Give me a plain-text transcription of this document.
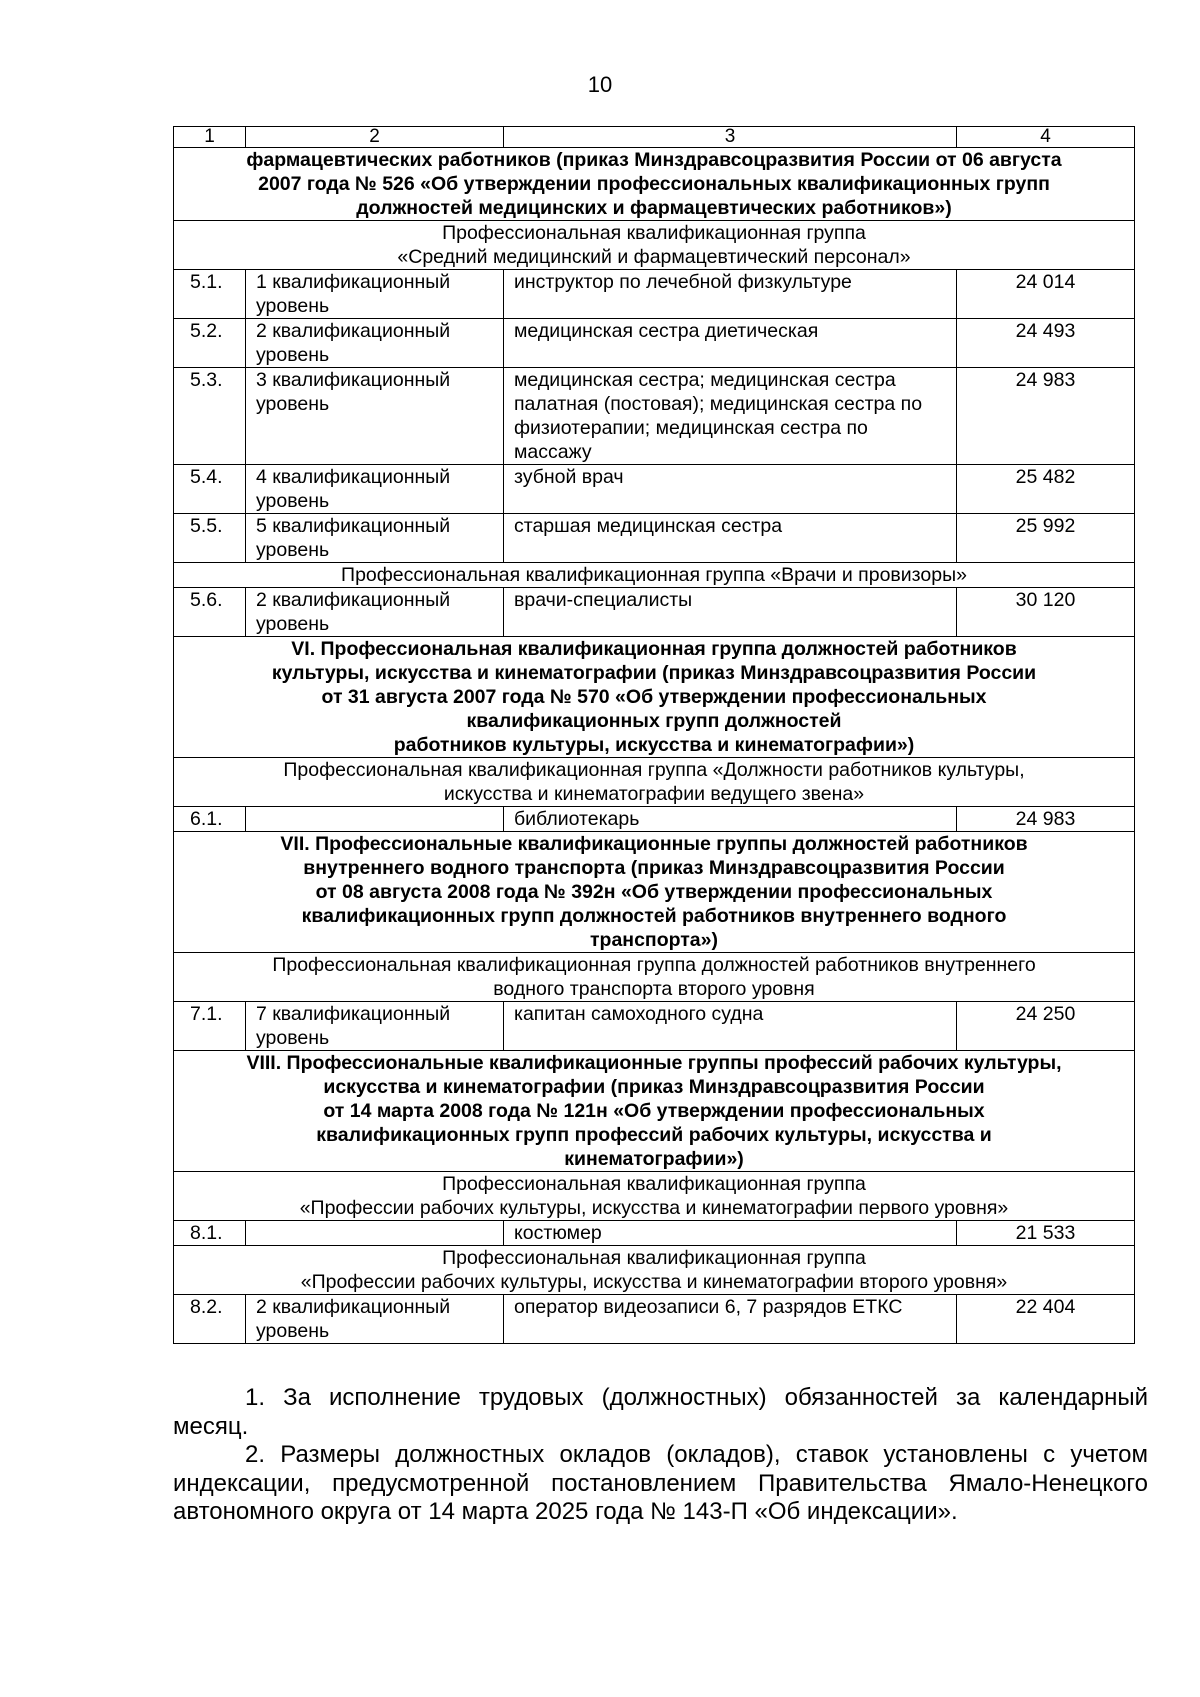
10
1	2	3	4

фармацевтических работников (приказ Минздравсоцразвития России от 06 августа
2007 года № 526 «Об утверждении профессиональных квалификационных групп
должностей медицинских и фармацевтических работников»)			

Профессиональная квалификационная группа
«Средний медицинский и фармацевтический персонал»			

5.1.	1 квалификационный уровень	инструктор по лечебной физкультуре	24 014
5.2.	2 квалификационный уровень	медицинская сестра диетическая	24 493
5.3.	3 квалификационный уровень	медицинская сестра; медицинская сестра палатная (постовая); медицинская сестра по физиотерапии; медицинская сестра по массажу	24 983
5.4.	4 квалификационный уровень	зубной врач	25 482
5.5.	5 квалификационный уровень	старшая медицинская сестра	25 992

Профессиональная квалификационная группа «Врачи и провизоры»			

5.6.	2 квалификационный уровень	врачи-специалисты	30 120

VI. Профессиональная квалификационная группа должностей работников
культуры, искусства и кинематографии (приказ Минздравсоцразвития России
от 31 августа 2007 года № 570 «Об утверждении профессиональных
квалификационных групп должностей
работников культуры, искусства и кинематографии»)			

Профессиональная квалификационная группа «Должности работников культуры,
искусства и кинематографии ведущего звена»			

6.1.		библиотекарь	24 983

VII. Профессиональные квалификационные группы должностей работников
внутреннего водного транспорта (приказ Минздравсоцразвития России
от 08 августа 2008 года № 392н «Об утверждении профессиональных
квалификационных групп должностей работников внутреннего водного
транспорта»)			

Профессиональная квалификационная группа должностей работников внутреннего
водного транспорта второго уровня			

7.1.	7 квалификационный уровень	капитан самоходного судна	24 250

VIII. Профессиональные квалификационные группы профессий рабочих культуры,
искусства и кинематографии (приказ Минздравсоцразвития России
от 14 марта 2008 года № 121н «Об утверждении профессиональных
квалификационных групп профессий рабочих культуры, искусства и
кинематографии»)			

Профессиональная квалификационная группа
«Профессии рабочих культуры, искусства и кинематографии первого уровня»			

8.1.		костюмер	21 533

Профессиональная квалификационная группа
«Профессии рабочих культуры, искусства и кинематографии второго уровня»			

8.2.	2 квалификационный уровень	оператор видеозаписи 6, 7 разрядов ЕТКС	22 404

1. За исполнение трудовых (должностных) обязанностей за календарный месяц.

2. Размеры должностных окладов (окладов), ставок установлены с учетом индексации, предусмотренной постановлением Правительства Ямало-Ненецкого автономного округа от 14 марта 2025 года № 143-П «Об индексации».
